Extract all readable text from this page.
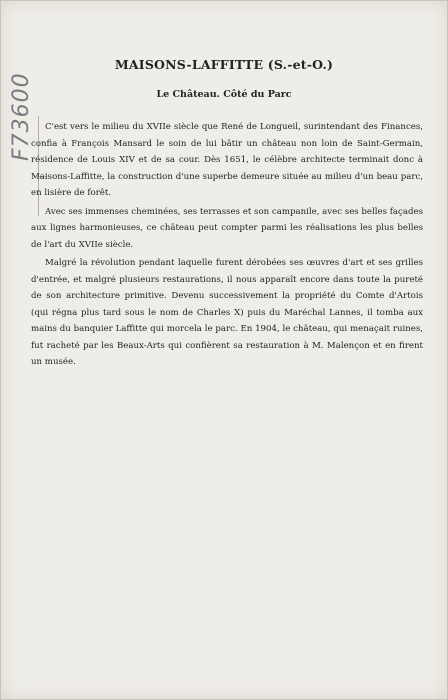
F73600
MAISONS-LAFFITTE (S.-et-O.)
Le Château. Côté du Parc

C'est vers le milieu du XVIIe siècle que René de Longueil, surintendant des Finances, confia à François Mansard le soin de lui bâtir un château non loin de Saint-Germain, résidence de Louis XIV et de sa cour. Dès 1651, le célèbre architecte terminait donc à Maisons-Laffitte, la construction d'une superbe demeure située au milieu d'un beau parc, en lisière de forêt.

Avec ses immenses cheminées, ses terrasses et son campanile, avec ses belles façades aux lignes harmonieuses, ce château peut compter parmi les réalisations les plus belles de l'art du XVIIe siècle.

Malgré la révolution pendant laquelle furent dérobées ses œuvres d'art et ses grilles d'entrée, et malgré plusieurs restaurations, il nous apparaît encore dans toute la pureté de son architecture primitive. Devenu successivement la propriété du Comte d'Artois (qui régna plus tard sous le nom de Charles X) puis du Maréchal Lannes, il tomba aux mains du banquier Laffitte qui morcela le parc. En 1904, le château, qui menaçait ruines, fut racheté par les Beaux-Arts qui confièrent sa restauration à M. Malençon et en firent un musée.
